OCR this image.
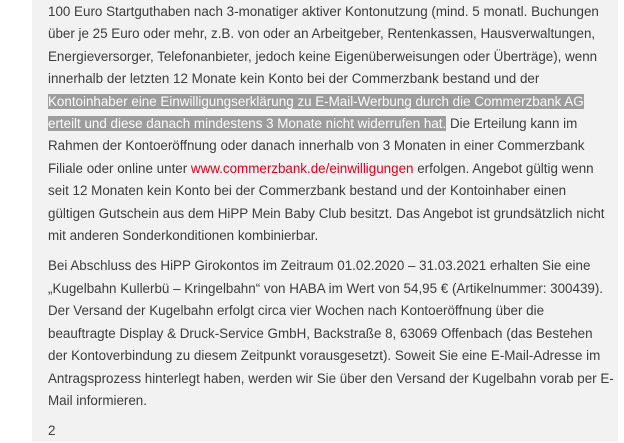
100 Euro Startguthaben nach 3-monatiger aktiver Kontonutzung (mind. 5 monatl. Buchungen über je 25 Euro oder mehr, z.B. von oder an Arbeitgeber, Rentenkassen, Hausverwaltungen, Energieversorger, Telefonanbieter, jedoch keine Eigenüberweisungen oder Überträge), wenn innerhalb der letzten 12 Monate kein Konto bei der Commerzbank bestand und der Kontoinhaber eine Einwilligungserklärung zu E-Mail-Werbung durch die Commerzbank AG erteilt und diese danach mindestens 3 Monate nicht widerrufen hat. Die Erteilung kann im Rahmen der Kontoeröffnung oder danach innerhalb von 3 Monaten in einer Commerzbank Filiale oder online unter www.commerzbank.de/einwilligungen erfolgen. Angebot gültig wenn seit 12 Monaten kein Konto bei der Commerzbank bestand und der Kontoinhaber einen gültigen Gutschein aus dem HiPP Mein Baby Club besitzt. Das Angebot ist grundsätzlich nicht mit anderen Sonderkonditionen kombinierbar.

Bei Abschluss des HiPP Girokontos im Zeitraum 01.02.2020 – 31.03.2021 erhalten Sie eine „Kugelbahn Kullerbü – Kringelbahn“ von HABA im Wert von 54,95 € (Artikelnummer: 300439). Der Versand der Kugelbahn erfolgt circa vier Wochen nach Kontoeröffnung über die beauftragte Display & Druck-Service GmbH, Backstraße 8, 63069 Offenbach (das Bestehen der Kontoverbindung zu diesem Zeitpunkt vorausgesetzt). Soweit Sie eine E-Mail-Adresse im Antragsprozess hinterlegt haben, werden wir Sie über den Versand der Kugelbahn vorab per E-Mail informieren.

2
